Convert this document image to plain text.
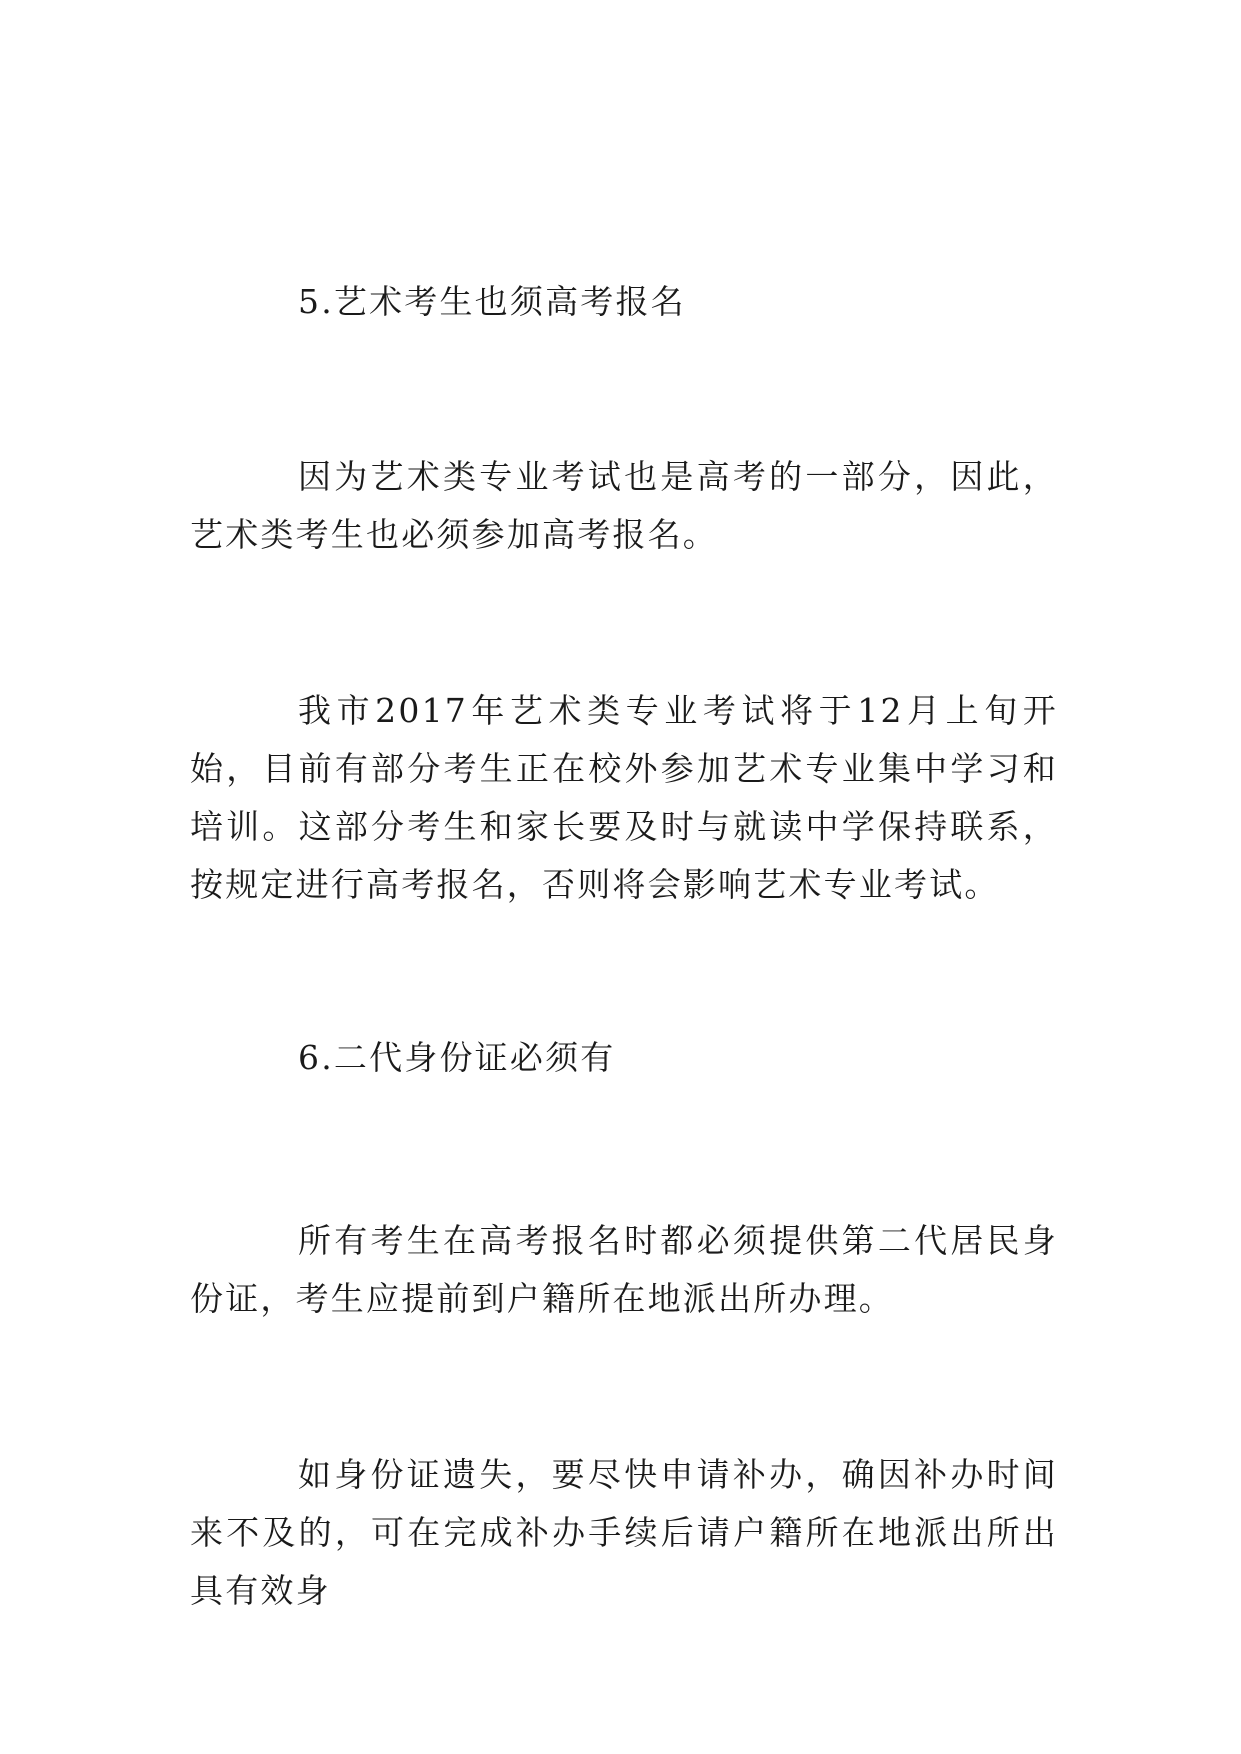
5.艺术考生也须高考报名

因为艺术类专业考试也是高考的一部分，因此，艺术类考生也必须参加高考报名。

我市2017年艺术类专业考试将于12月上旬开始，目前有部分考生正在校外参加艺术专业集中学习和培训。这部分考生和家长要及时与就读中学保持联系，按规定进行高考报名，否则将会影响艺术专业考试。

6.二代身份证必须有

所有考生在高考报名时都必须提供第二代居民身份证，考生应提前到户籍所在地派出所办理。

如身份证遗失，要尽快申请补办，确因补办时间来不及的，可在完成补办手续后请户籍所在地派出所出具有效身
